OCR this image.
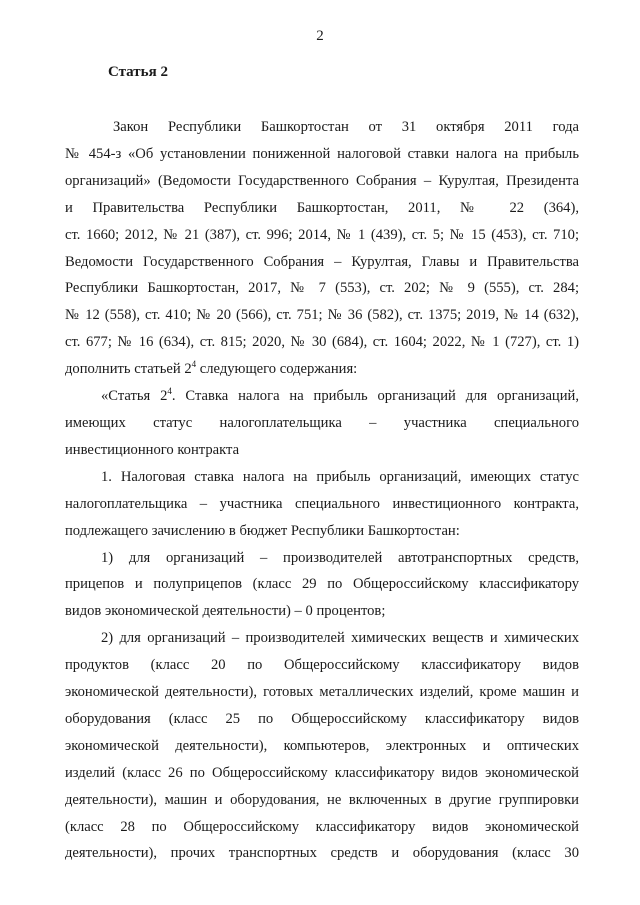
2
Статья 2

Закон Республики Башкортостан от 31 октября 2011 года

№ 454-з «Об установлении пониженной налоговой ставки налога на прибыль

организаций» (Ведомости Государственного Собрания – Курултая, Президента

и Правительства Республики Башкортостан, 2011, № 22 (364),

ст. 1660; 2012, № 21 (387), ст. 996; 2014, № 1 (439), ст. 5; № 15 (453), ст. 710;

Ведомости Государственного Собрания – Курултая, Главы и Правительства

Республики Башкортостан, 2017, № 7 (553), ст. 202; № 9 (555), ст. 284;

№ 12 (558), ст. 410; № 20 (566), ст. 751; № 36 (582), ст. 1375; 2019, № 14 (632),

ст. 677; № 16 (634), ст. 815; 2020, № 30 (684), ст. 1604; 2022, № 1 (727), ст. 1)

дополнить статьей $2^4$ следующего содержания:

«Статья $2^4$. Ставка налога на прибыль организаций для организаций,

имеющих статус налогоплательщика – участника специального

инвестиционного контракта

1. Налоговая ставка налога на прибыль организаций, имеющих статус

налогоплательщика – участника специального инвестиционного контракта,

подлежащего зачислению в бюджет Республики Башкортостан:

1) для организаций – производителей автотранспортных средств,

прицепов и полуприцепов (класс 29 по Общероссийскому классификатору

видов экономической деятельности) – 0 процентов;

2) для организаций – производителей химических веществ и химических

продуктов (класс 20 по Общероссийскому классификатору видов

экономической деятельности), готовых металлических изделий, кроме машин и

оборудования (класс 25 по Общероссийскому классификатору видов

экономической деятельности), компьютеров, электронных и оптических

изделий (класс 26 по Общероссийскому классификатору видов экономической

деятельности), машин и оборудования, не включенных в другие группировки

(класс 28 по Общероссийскому классификатору видов экономической

деятельности), прочих транспортных средств и оборудования (класс 30
